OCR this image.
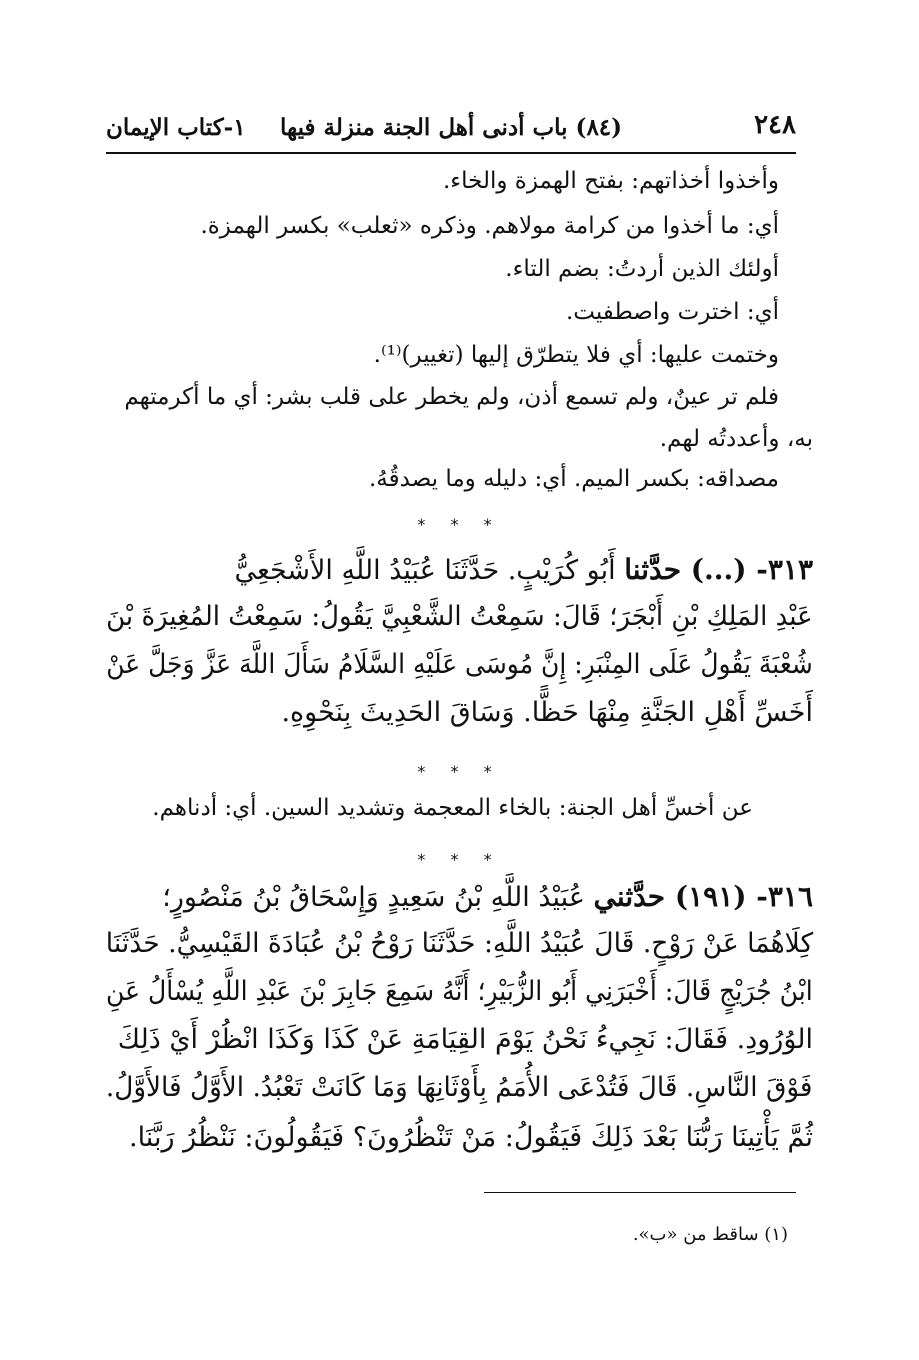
٢٤٨
(٨٤) باب أدنى أهل الجنة منزلة فيها
١-كتاب الإيمان

وأخذوا أخذاتهم: بفتح الهمزة والخاء.

أي: ما أخذوا من كرامة مولاهم. وذكره «ثعلب» بكسر الهمزة.

أولئك الذين أردتُ: بضم التاء.

أي: اخترت واصطفيت.

وختمت عليها: أي فلا يتطرّق إليها (تغيير)⁽¹⁾.

فلم تر عينٌ، ولم تسمع أذن، ولم يخطر على قلب بشر: أي ما أكرمتهم

به، وأعددتُه لهم.

مصداقه: بكسر الميم. أي: دليله وما يصدقُهُ.

* * *

٣١٣- (...) حدَّثنا أَبُو كُرَيْبٍ. حَدَّثَنَا عُبَيْدُ اللَّهِ الأَشْجَعِيُّ

عَبْدِ المَلِكِ بْنِ أَبْجَرَ؛ قَالَ: سَمِعْتُ الشَّعْبِيَّ يَقُولُ: سَمِعْتُ المُغِيرَةَ بْنَ

شُعْبَةَ يَقُولُ عَلَى المِنْبَرِ: إِنَّ مُوسَى عَلَيْهِ السَّلَامُ سَأَلَ اللَّهَ عَزَّ وَجَلَّ عَنْ

أَخَسِّ أَهْلِ الجَنَّةِ مِنْهَا حَظًّا. وَسَاقَ الحَدِيثَ بِنَحْوِهِ.

* * *

عن أخسِّ أهل الجنة: بالخاء المعجمة وتشديد السين. أي: أدناهم.

* * *

٣١٦- (١٩١) حدَّثني عُبَيْدُ اللَّهِ بْنُ سَعِيدٍ وَإِسْحَاقُ بْنُ مَنْصُورٍ؛

كِلَاهُمَا عَنْ رَوْحٍ. قَالَ عُبَيْدُ اللَّهِ: حَدَّثَنَا رَوْحُ بْنُ عُبَادَةَ القَيْسِيُّ. حَدَّثَنَا

ابْنُ جُرَيْجٍ قَالَ: أَخْبَرَنِي أَبُو الزُّبَيْرِ؛ أَنَّهُ سَمِعَ جَابِرَ بْنَ عَبْدِ اللَّهِ يُسْأَلُ عَنِ

الوُرُودِ. فَقَالَ: نَجِيءُ نَحْنُ يَوْمَ القِيَامَةِ عَنْ كَذَا وَكَذَا انْظُرْ أَيْ ذَلِكَ

فَوْقَ النَّاسِ. قَالَ فَتُدْعَى الأُمَمُ بِأَوْثَانِهَا وَمَا كَانَتْ تَعْبُدُ. الأَوَّلُ فَالأَوَّلُ.

ثُمَّ يَأْتِينَا رَبُّنَا بَعْدَ ذَلِكَ فَيَقُولُ: مَنْ تَنْظُرُونَ؟ فَيَقُولُونَ: نَنْظُرُ رَبَّنَا.

(١) ساقط من «ب».
